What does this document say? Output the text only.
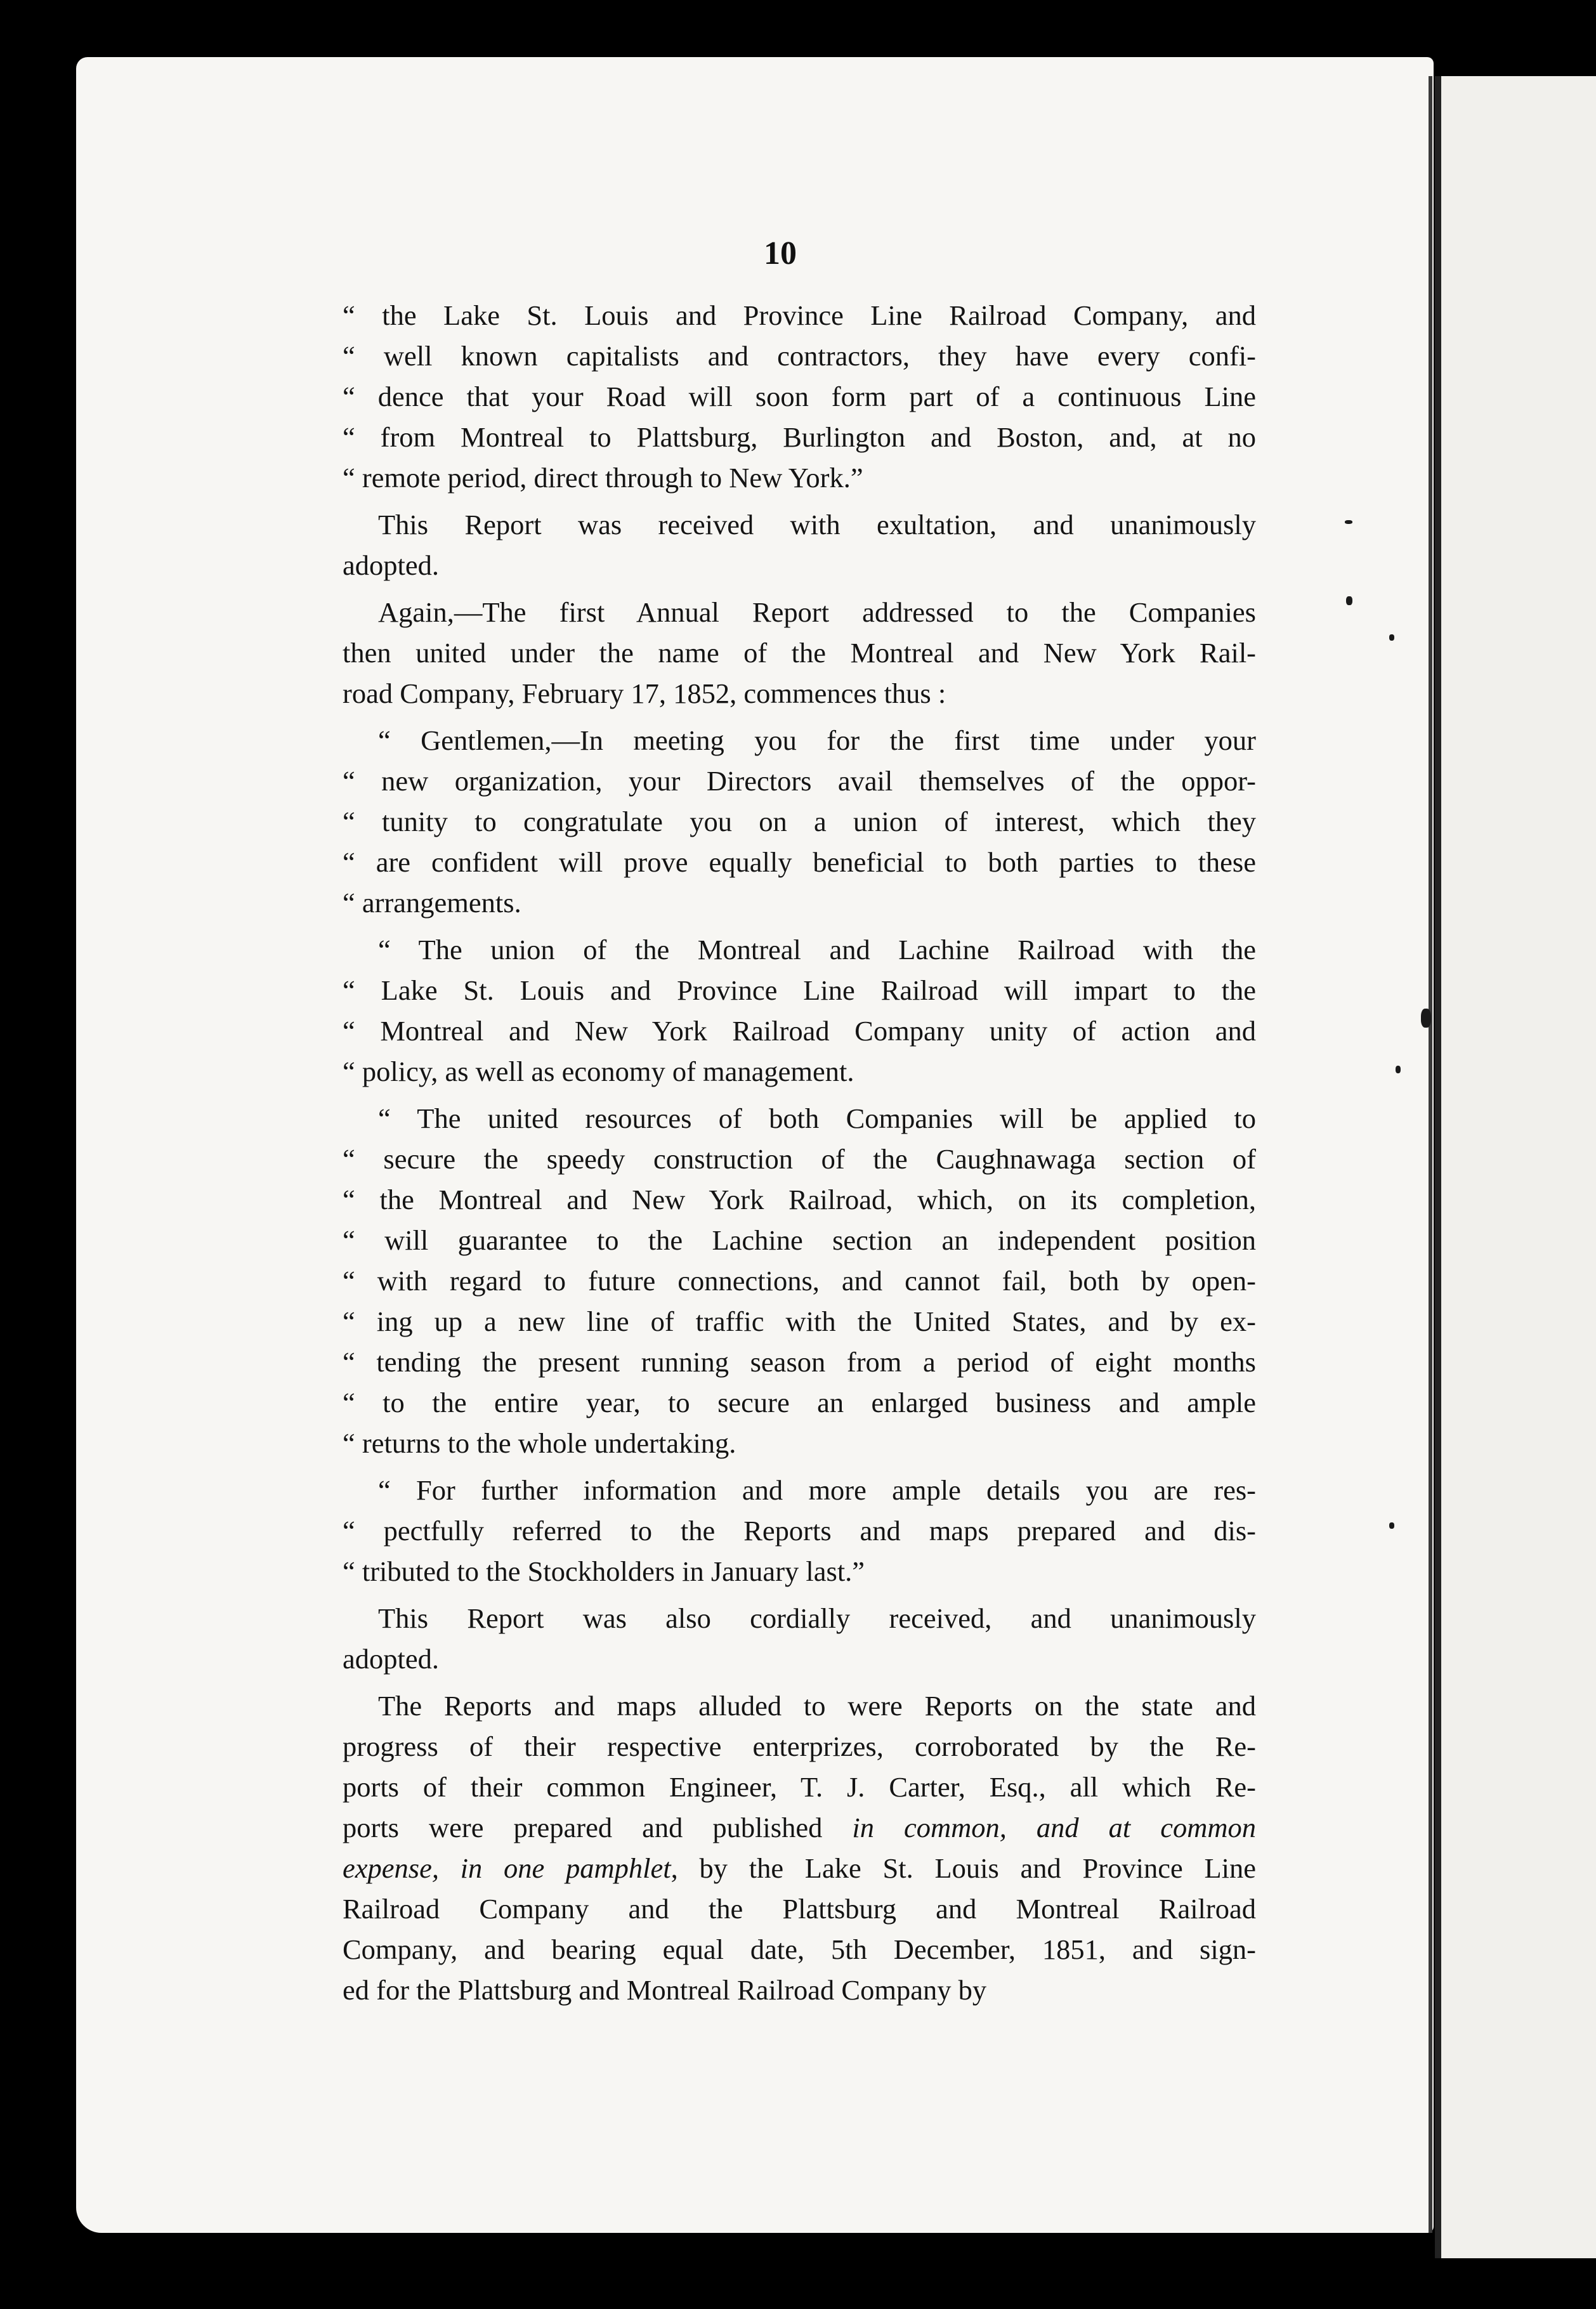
10
“ the Lake St. Louis and Province Line Railroad Company, and
“ well known capitalists and contractors, they have every confi-
“ dence that your Road will soon form part of a continuous Line
“ from Montreal to Plattsburg, Burlington and Boston, and, at no
“ remote period, direct through to New York.”
This Report was received with exultation, and unanimously
adopted.
Again,—The first Annual Report addressed to the Companies
then united under the name of the Montreal and New York Rail-
road Company, February 17, 1852, commences thus :
“ Gentlemen,—In meeting you for the first time under your
“ new organization, your Directors avail themselves of the oppor-
“ tunity to congratulate you on a union of interest, which they
“ are confident will prove equally beneficial to both parties to these
“ arrangements.
“ The union of the Montreal and Lachine Railroad with the
“ Lake St. Louis and Province Line Railroad will impart to the
“ Montreal and New York Railroad Company unity of action and
“ policy, as well as economy of management.
“ The united resources of both Companies will be applied to
“ secure the speedy construction of the Caughnawaga section of
“ the Montreal and New York Railroad, which, on its completion,
“ will guarantee to the Lachine section an independent position
“ with regard to future connections, and cannot fail, both by open-
“ ing up a new line of traffic with the United States, and by ex-
“ tending the present running season from a period of eight months
“ to the entire year, to secure an enlarged business and ample
“ returns to the whole undertaking.
“ For further information and more ample details you are res-
“ pectfully referred to the Reports and maps prepared and dis-
“ tributed to the Stockholders in January last.”
This Report was also cordially received, and unanimously
adopted.
The Reports and maps alluded to were Reports on the state and
progress of their respective enterprizes, corroborated by the Re-
ports of their common Engineer, T. J. Carter, Esq., all which Re-
ports were prepared and published in common, and at common
expense, in one pamphlet, by the Lake St. Louis and Province Line
Railroad Company and the Plattsburg and Montreal Railroad
Company, and bearing equal date, 5th December, 1851, and sign-
ed for the Plattsburg and Montreal Railroad Company by
